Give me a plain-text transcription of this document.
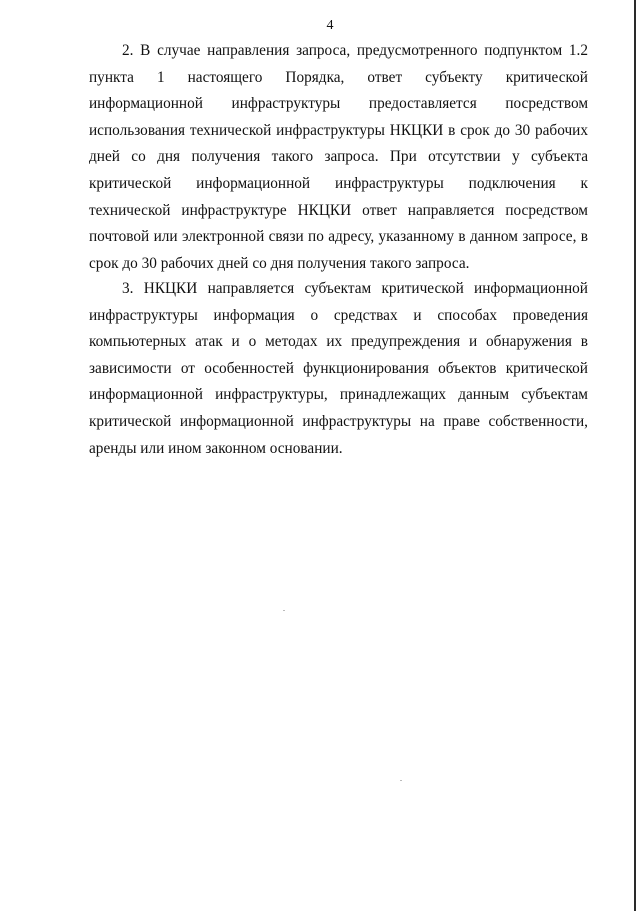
4

2. В случае направления запроса, предусмотренного подпунктом 1.2 пункта 1 настоящего Порядка, ответ субъекту критической информационной инфраструктуры предоставляется посредством использования технической инфраструктуры НКЦКИ в срок до 30 рабочих дней со дня получения такого запроса. При отсутствии у субъекта критической информационной инфраструктуры подключения к технической инфраструктуре НКЦКИ ответ направляется посредством почтовой или электронной связи по адресу, указанному в данном запросе, в срок до 30 рабочих дней со дня получения такого запроса.

3. НКЦКИ направляется субъектам критической информационной инфраструктуры информация о средствах и способах проведения компьютерных атак и о методах их предупреждения и обнаружения в зависимости от особенностей функционирования объектов критической информационной инфраструктуры, принадлежащих данным субъектам критической информационной инфраструктуры на праве собственности, аренды или ином законном основании.
